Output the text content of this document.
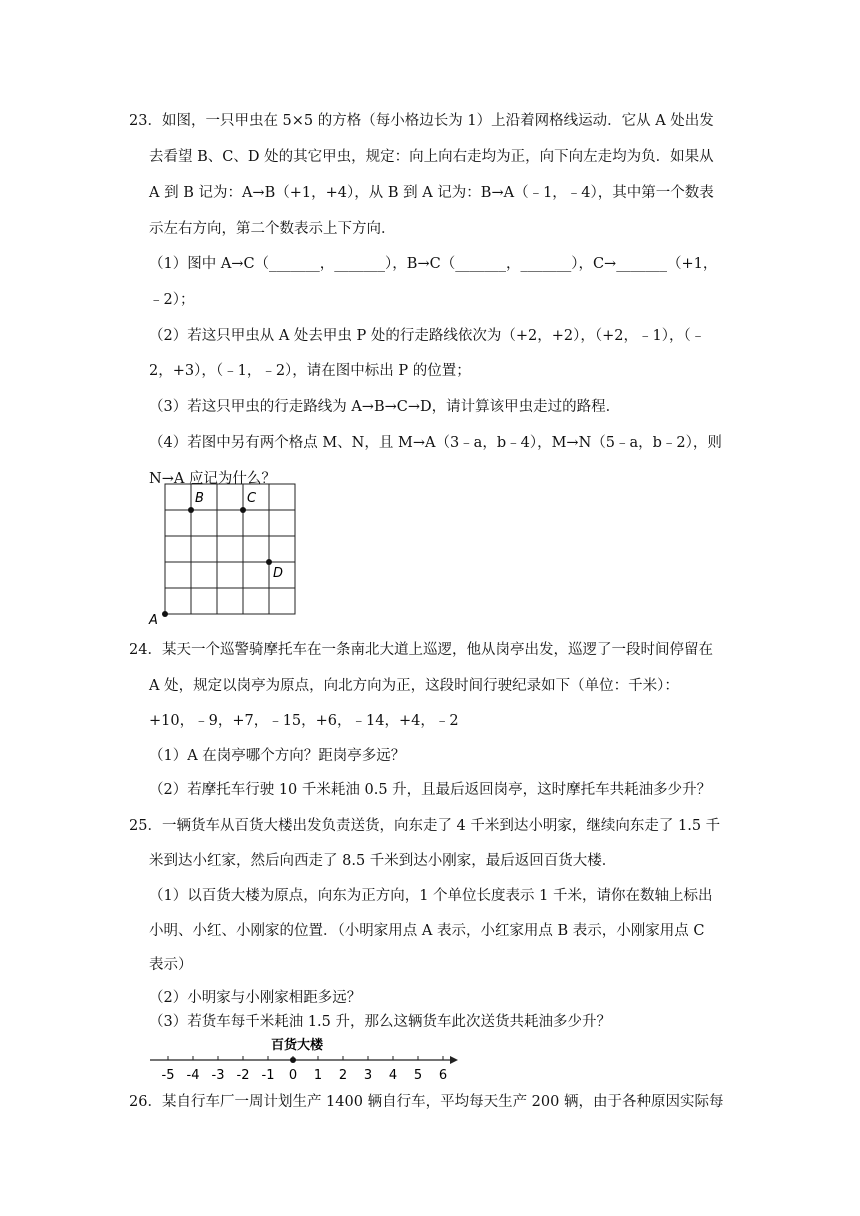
23．如图，一只甲虫在 5×5 的方格（每小格边长为 1）上沿着网格线运动．它从 A 处出发
去看望 B、C、D 处的其它甲虫，规定：向上向右走均为正，向下向左走均为负．如果从
A 到 B 记为：A→B（+1，+4），从 B 到 A 记为：B→A（﹣1，﹣4），其中第一个数表
示左右方向，第二个数表示上下方向．
（1）图中 A→C（_______，_______），B→C（_______，_______），C→_______（+1，
﹣2）；
（2）若这只甲虫从 A 处去甲虫 P 处的行走路线依次为（+2，+2），（+2，﹣1），（﹣
2，+3），（﹣1，﹣2），请在图中标出 P 的位置；
（3）若这只甲虫的行走路线为 A→B→C→D，请计算该甲虫走过的路程．
（4）若图中另有两个格点 M、N，且 M→A（3﹣a，b﹣4），M→N（5﹣a，b﹣2），则
N→A 应记为什么？
A
B	C
D
24．某天一个巡警骑摩托车在一条南北大道上巡逻，他从岗亭出发，巡逻了一段时间停留在
A 处，规定以岗亭为原点，向北方向为正，这段时间行驶纪录如下（单位：千米）：
+10，﹣9，+7，﹣15，+6，﹣14，+4，﹣2
（1）A 在岗亭哪个方向？距岗亭多远？
（2）若摩托车行驶 10 千米耗油 0.5 升，且最后返回岗亭，这时摩托车共耗油多少升？
25．一辆货车从百货大楼出发负责送货，向东走了 4 千米到达小明家，继续向东走了 1.5 千
米到达小红家，然后向西走了 8.5 千米到达小刚家，最后返回百货大楼．
（1）以百货大楼为原点，向东为正方向，1 个单位长度表示 1 千米，请你在数轴上标出
小明、小红、小刚家的位置．（小明家用点 A 表示，小红家用点 B 表示，小刚家用点 C
表示）
（2）小明家与小刚家相距多远？
（3）若货车每千米耗油 1.5 升，那么这辆货车此次送货共耗油多少升？
百货大楼
-5 -4 -3 -2 -1 0 1 2 3 4 5 6
26．某自行车厂一周计划生产 1400 辆自行车，平均每天生产 200 辆，由于各种原因实际每
